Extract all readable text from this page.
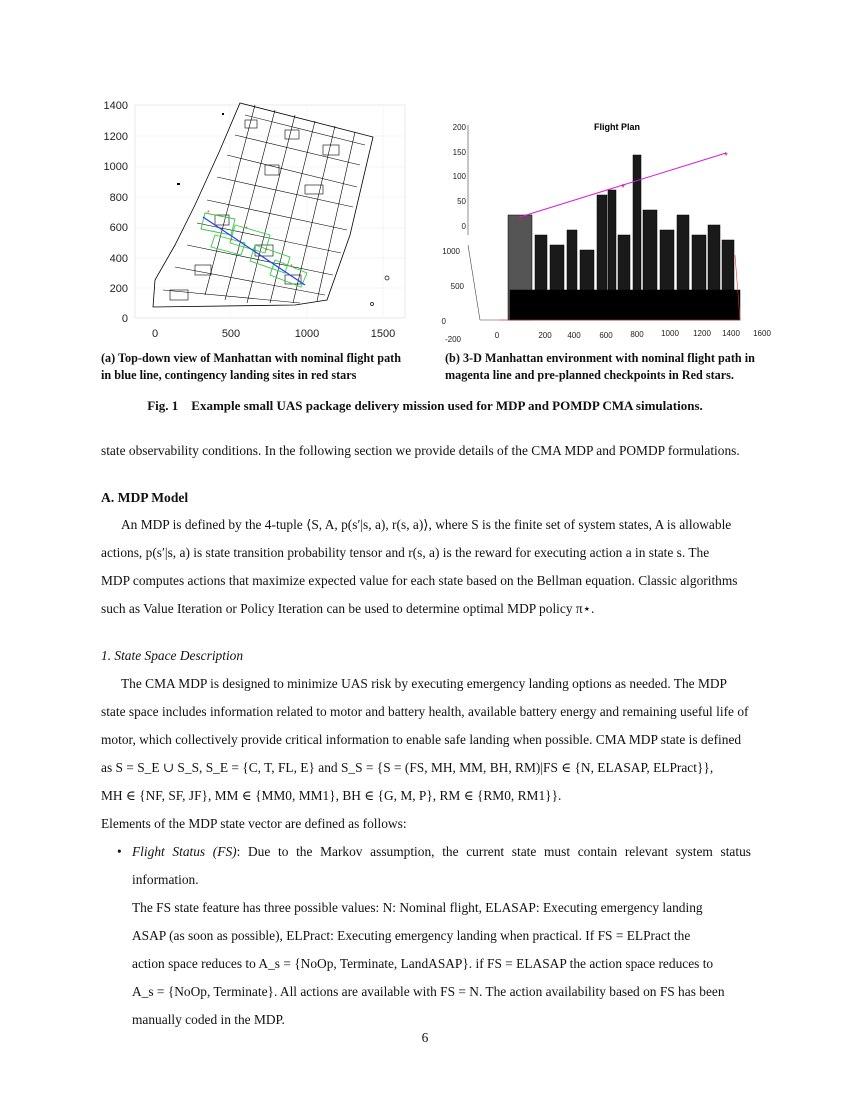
1400
1200
1000
800
600
400
200
0
0	500	1000	1500
*
*
*
*
*
Flight Plan
200
150
100
50
0
1000
500
0
-200	0	200 400 600 800 1000 1200 1400 1600
*
*
*
(a) Top-down view of Manhattan with nominal flight path in blue line, contingency landing sites in red stars
(b) 3-D Manhattan environment with nominal flight path in magenta line and pre-planned checkpoints in Red stars.
Fig. 1 Example small UAS package delivery mission used for MDP and POMDP CMA simulations.
state observability conditions. In the following section we provide details of the CMA MDP and POMDP formulations.
A. MDP Model
An MDP is defined by the 4-tuple ⟨S, A, p(s′|s, a), r(s, a)⟩, where S is the finite set of system states, A is allowable
actions, p(s′|s, a) is state transition probability tensor and r(s, a) is the reward for executing action a in state s. The
MDP computes actions that maximize expected value for each state based on the Bellman equation. Classic algorithms
such as Value Iteration or Policy Iteration can be used to determine optimal MDP policy π⋆.
1. State Space Description
The CMA MDP is designed to minimize UAS risk by executing emergency landing options as needed. The MDP
state space includes information related to motor and battery health, available battery energy and remaining useful life of
motor, which collectively provide critical information to enable safe landing when possible. CMA MDP state is defined
as S = S_E ∪ S_S, S_E = {C, T, FL, E} and S_S = {S = (FS, MH, MM, BH, RM)|FS ∈ {N, ELASAP, ELPract}},
MH ∈ {NF, SF, JF}, MM ∈ {MM0, MM1}, BH ∈ {G, M, P}, RM ∈ {RM0, RM1}}.
Elements of the MDP state vector are defined as follows:
• Flight Status (FS): Due to the Markov assumption, the current state must contain relevant system status information.
The FS state feature has three possible values: N: Nominal flight, ELASAP: Executing emergency landing
ASAP (as soon as possible), ELPract: Executing emergency landing when practical. If FS = ELPract the
action space reduces to A_s = {NoOp, Terminate, LandASAP}. if FS = ELASAP the action space reduces to
A_s = {NoOp, Terminate}. All actions are available with FS = N. The action availability based on FS has been
manually coded in the MDP.
6
